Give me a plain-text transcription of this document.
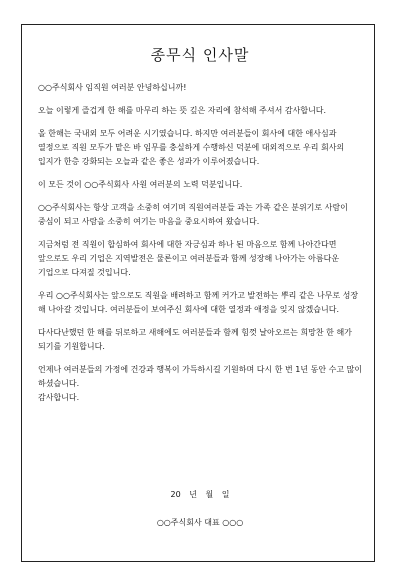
종무식 인사말

○○주식회사 임직원 여러분 안녕하십니까!

오늘 이렇게 즐겁게 한 해를 마무리 하는 뜻 깊은 자리에 참석해 주셔서 감사합니다.

올 한해는 국내외 모두 어려운 시기였습니다. 하지만 여러분들이 회사에 대한 애사심과 열정으로 직원 모두가 맡은 바 임무를 충실하게 수행하신 덕분에 대외적으로 우리 회사의 입지가 한층 강화되는 오늘과 같은 좋은 성과가 이루어졌습니다.

이 모든 것이 ○○주식회사 사원 여러분의 노력 덕분입니다.

○○주식회사는 항상 고객을 소중히 여기며 직원여러분들 과는 가족 같은 분위기로 사람이 중심이 되고 사람을 소중히 여기는 마음을 중요시하여 왔습니다.

지금처럼 전 직원이 합심하여 회사에 대한 자긍심과 하나 된 마음으로 함께 나아간다면 앞으로도 우리 기업은 지역발전은 물론이고 여러분들과 함께 성장해 나아가는 아름다운 기업으로 다져질 것입니다.

우리 ○○주식회사는 앞으로도 직원을 배려하고 함께 커가고 발전하는 뿌리 같은 나무로 성장 해 나아갈 것입니다. 여러분들이 보여주신 회사에 대한 열정과 애정을 잊지 않겠습니다.

다사다난했던 한 해를 뒤로하고 새해에도 여러분들과 함께 힘껏 날아오르는 희망찬 한 해가 되기를 기원합니다.

언제나 여러분들의 가정에 건강과 행복이 가득하시길 기원하며 다시 한 번 1년 동안 수고 많이 하셨습니다.

감사합니다.

20 년 월 일

○○주식회사 대표 ○○○
